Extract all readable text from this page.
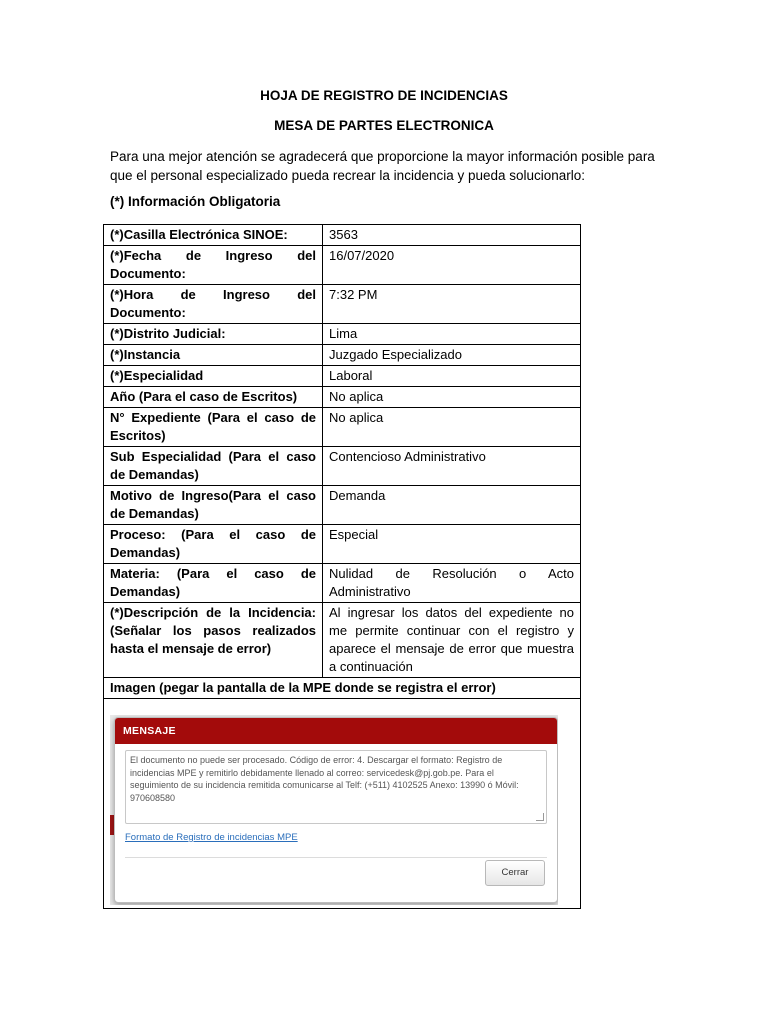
HOJA DE REGISTRO DE INCIDENCIAS
MESA DE PARTES ELECTRONICA
Para una mejor atención se agradecerá que proporcione la mayor información posible para que el personal especializado pueda recrear la incidencia y pueda solucionarlo:
(*) Información Obligatoria
(*)Casilla Electrónica SINOE:	3563
(*)Fecha de Ingreso del Documento:	16/07/2020
(*)Hora de Ingreso del Documento:	7:32 PM
(*)Distrito Judicial:	Lima
(*)Instancia	Juzgado Especializado
(*)Especialidad	Laboral
Año (Para el caso de Escritos)	No aplica
N° Expediente (Para el caso de Escritos)	No aplica
Sub Especialidad (Para el caso de Demandas)	Contencioso Administrativo
Motivo de Ingreso(Para el caso de Demandas)	Demanda
Proceso: (Para el caso de Demandas)	Especial
Materia: (Para el caso de Demandas)	Nulidad de Resolución o Acto Administrativo
(*)Descripción de la Incidencia: (Señalar los pasos realizados hasta el mensaje de error)	Al ingresar los datos del expediente no me permite continuar con el registro y aparece el mensaje de error que muestra a continuación
Imagen (pegar la pantalla de la MPE donde se registra el error)	

MENSAJE
El documento no puede ser procesado. Código de error: 4. Descargar el formato: Registro de incidencias MPE y remitirlo debidamente llenado al correo: servicedesk@pj.gob.pe. Para el seguimiento de su incidencia remitida comunicarse al Telf: (+511) 4102525 Anexo: 13990 ó Móvil: 970608580
Formato de Registro de incidencias MPE
Cerrar	
